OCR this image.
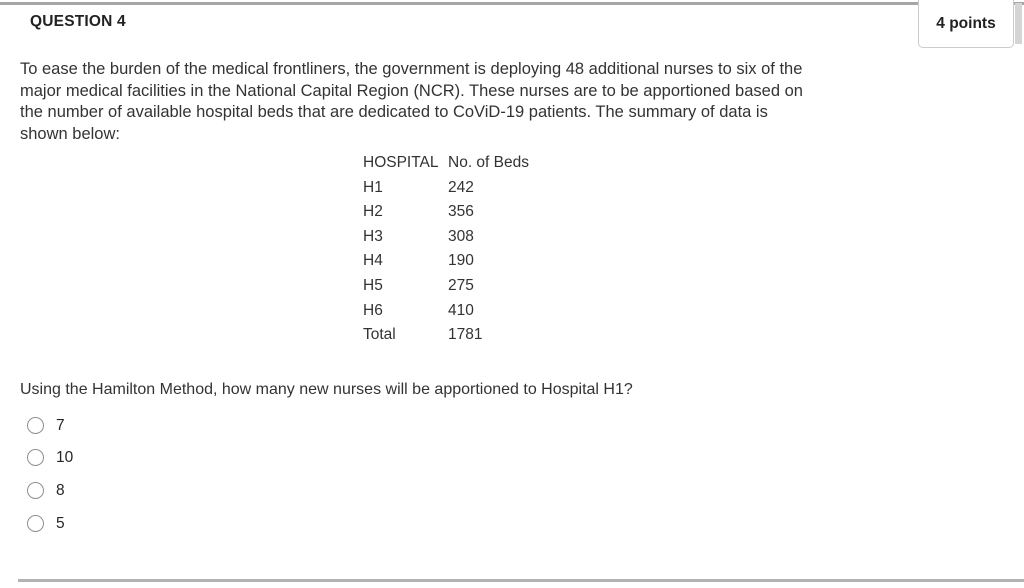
QUESTION 4	4 points
To ease the burden of the medical frontliners, the government is deploying 48 additional nurses to six of the
major medical facilities in the National Capital Region (NCR). These nurses are to be apportioned based on
the number of available hospital beds that are dedicated to CoViD-19 patients. The summary of data is
shown below:
HOSPITAL	No. of Beds
H1	242
H2	356
H3	308
H4	190
H5	275
H6	410
Total	1781
Using the Hamilton Method, how many new nurses will be apportioned to Hospital H1?
7
10
8
5
